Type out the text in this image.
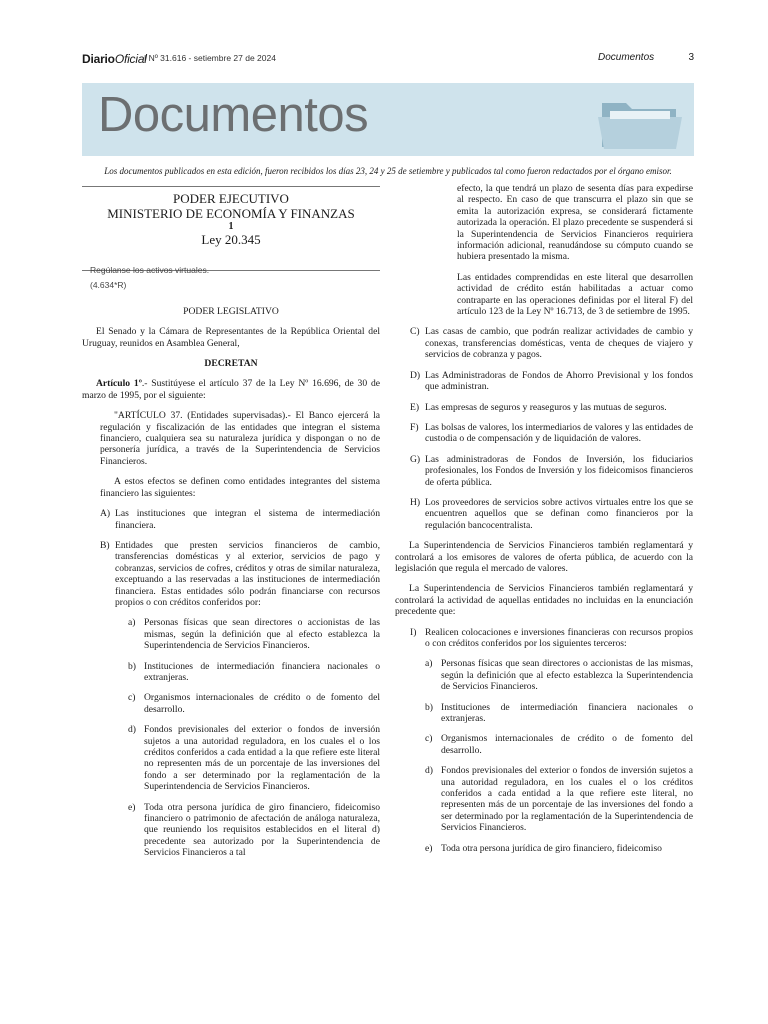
DiarioOficial
| Nº 31.616 - setiembre 27 de 2024	Documentos	3
Documentos
Los documentos publicados en esta edición, fueron recibidos los días 23, 24 y 25 de setiembre y publicados tal como fueron redactados por el órgano emisor.

PODER EJECUTIVO

MINISTERIO DE ECONOMÍA Y FINANZAS

1

Ley 20.345

Regúlanse los activos virtuales.

(4.634*R)

PODER LEGISLATIVO

El Senado y la Cámara de Representantes de la República Oriental del Uruguay, reunidos en Asamblea General,

DECRETAN

Artículo 1º.- Sustitúyese el artículo 37 de la Ley Nº 16.696, de 30 de marzo de 1995, por el siguiente:

"ARTÍCULO 37. (Entidades supervisadas).- El Banco ejercerá la regulación y fiscalización de las entidades que integran el sistema financiero, cualquiera sea su naturaleza jurídica y dispongan o no de personería jurídica, a través de la Superintendencia de Servicios Financieros.

A estos efectos se definen como entidades integrantes del sistema financiero las siguientes:

A) Las instituciones que integran el sistema de intermediación financiera.

B) Entidades que presten servicios financieros de cambio, transferencias domésticas y al exterior, servicios de pago y cobranzas, servicios de cofres, créditos y otras de similar naturaleza, exceptuando a las reservadas a las instituciones de intermediación financiera. Estas entidades sólo podrán financiarse con recursos propios o con créditos conferidos por:

a) Personas físicas que sean directores o accionistas de las mismas, según la definición que al efecto establezca la Superintendencia de Servicios Financieros.

b) Instituciones de intermediación financiera nacionales o extranjeras.

c) Organismos internacionales de crédito o de fomento del desarrollo.

d) Fondos previsionales del exterior o fondos de inversión sujetos a una autoridad reguladora, en los cuales el o los créditos conferidos a cada entidad a la que refiere este literal no representen más de un porcentaje de las inversiones del fondo a ser determinado por la reglamentación de la Superintendencia de Servicios Financieros.

e) Toda otra persona jurídica de giro financiero, fideicomiso financiero o patrimonio de afectación de análoga naturaleza, que reuniendo los requisitos establecidos en el literal d) precedente sea autorizado por la Superintendencia de Servicios Financieros a tal

efecto, la que tendrá un plazo de sesenta días para expedirse al respecto. En caso de que transcurra el plazo sin que se emita la autorización expresa, se considerará fictamente autorizada la operación. El plazo precedente se suspenderá si la Superintendencia de Servicios Financieros requiriera información adicional, reanudándose su cómputo cuando se hubiera presentado la misma.

Las entidades comprendidas en este literal que desarrollen actividad de crédito están habilitadas a actuar como contraparte en las operaciones definidas por el literal F) del artículo 123 de la Ley Nº 16.713, de 3 de setiembre de 1995.

C) Las casas de cambio, que podrán realizar actividades de cambio y conexas, transferencias domésticas, venta de cheques de viajero y servicios de cobranza y pagos.

D) Las Administradoras de Fondos de Ahorro Previsional y los fondos que administran.

E) Las empresas de seguros y reaseguros y las mutuas de seguros.

F) Las bolsas de valores, los intermediarios de valores y las entidades de custodia o de compensación y de liquidación de valores.

G) Las administradoras de Fondos de Inversión, los fiduciarios profesionales, los Fondos de Inversión y los fideicomisos financieros de oferta pública.

H) Los proveedores de servicios sobre activos virtuales entre los que se encuentren aquellos que se definan como financieros por la regulación bancocentralista.

La Superintendencia de Servicios Financieros también reglamentará y controlará a los emisores de valores de oferta pública, de acuerdo con la legislación que regula el mercado de valores.

La Superintendencia de Servicios Financieros también reglamentará y controlará la actividad de aquellas entidades no incluidas en la enunciación precedente que:

I) Realicen colocaciones e inversiones financieras con recursos propios o con créditos conferidos por los siguientes terceros:

a) Personas físicas que sean directores o accionistas de las mismas, según la definición que al efecto establezca la Superintendencia de Servicios Financieros.

b) Instituciones de intermediación financiera nacionales o extranjeras.

c) Organismos internacionales de crédito o de fomento del desarrollo.

d) Fondos previsionales del exterior o fondos de inversión sujetos a una autoridad reguladora, en los cuales el o los créditos conferidos a cada entidad a la que refiere este literal, no representen más de un porcentaje de las inversiones del fondo a ser determinado por la reglamentación de la Superintendencia de Servicios Financieros.

e) Toda otra persona jurídica de giro financiero, fideicomiso
